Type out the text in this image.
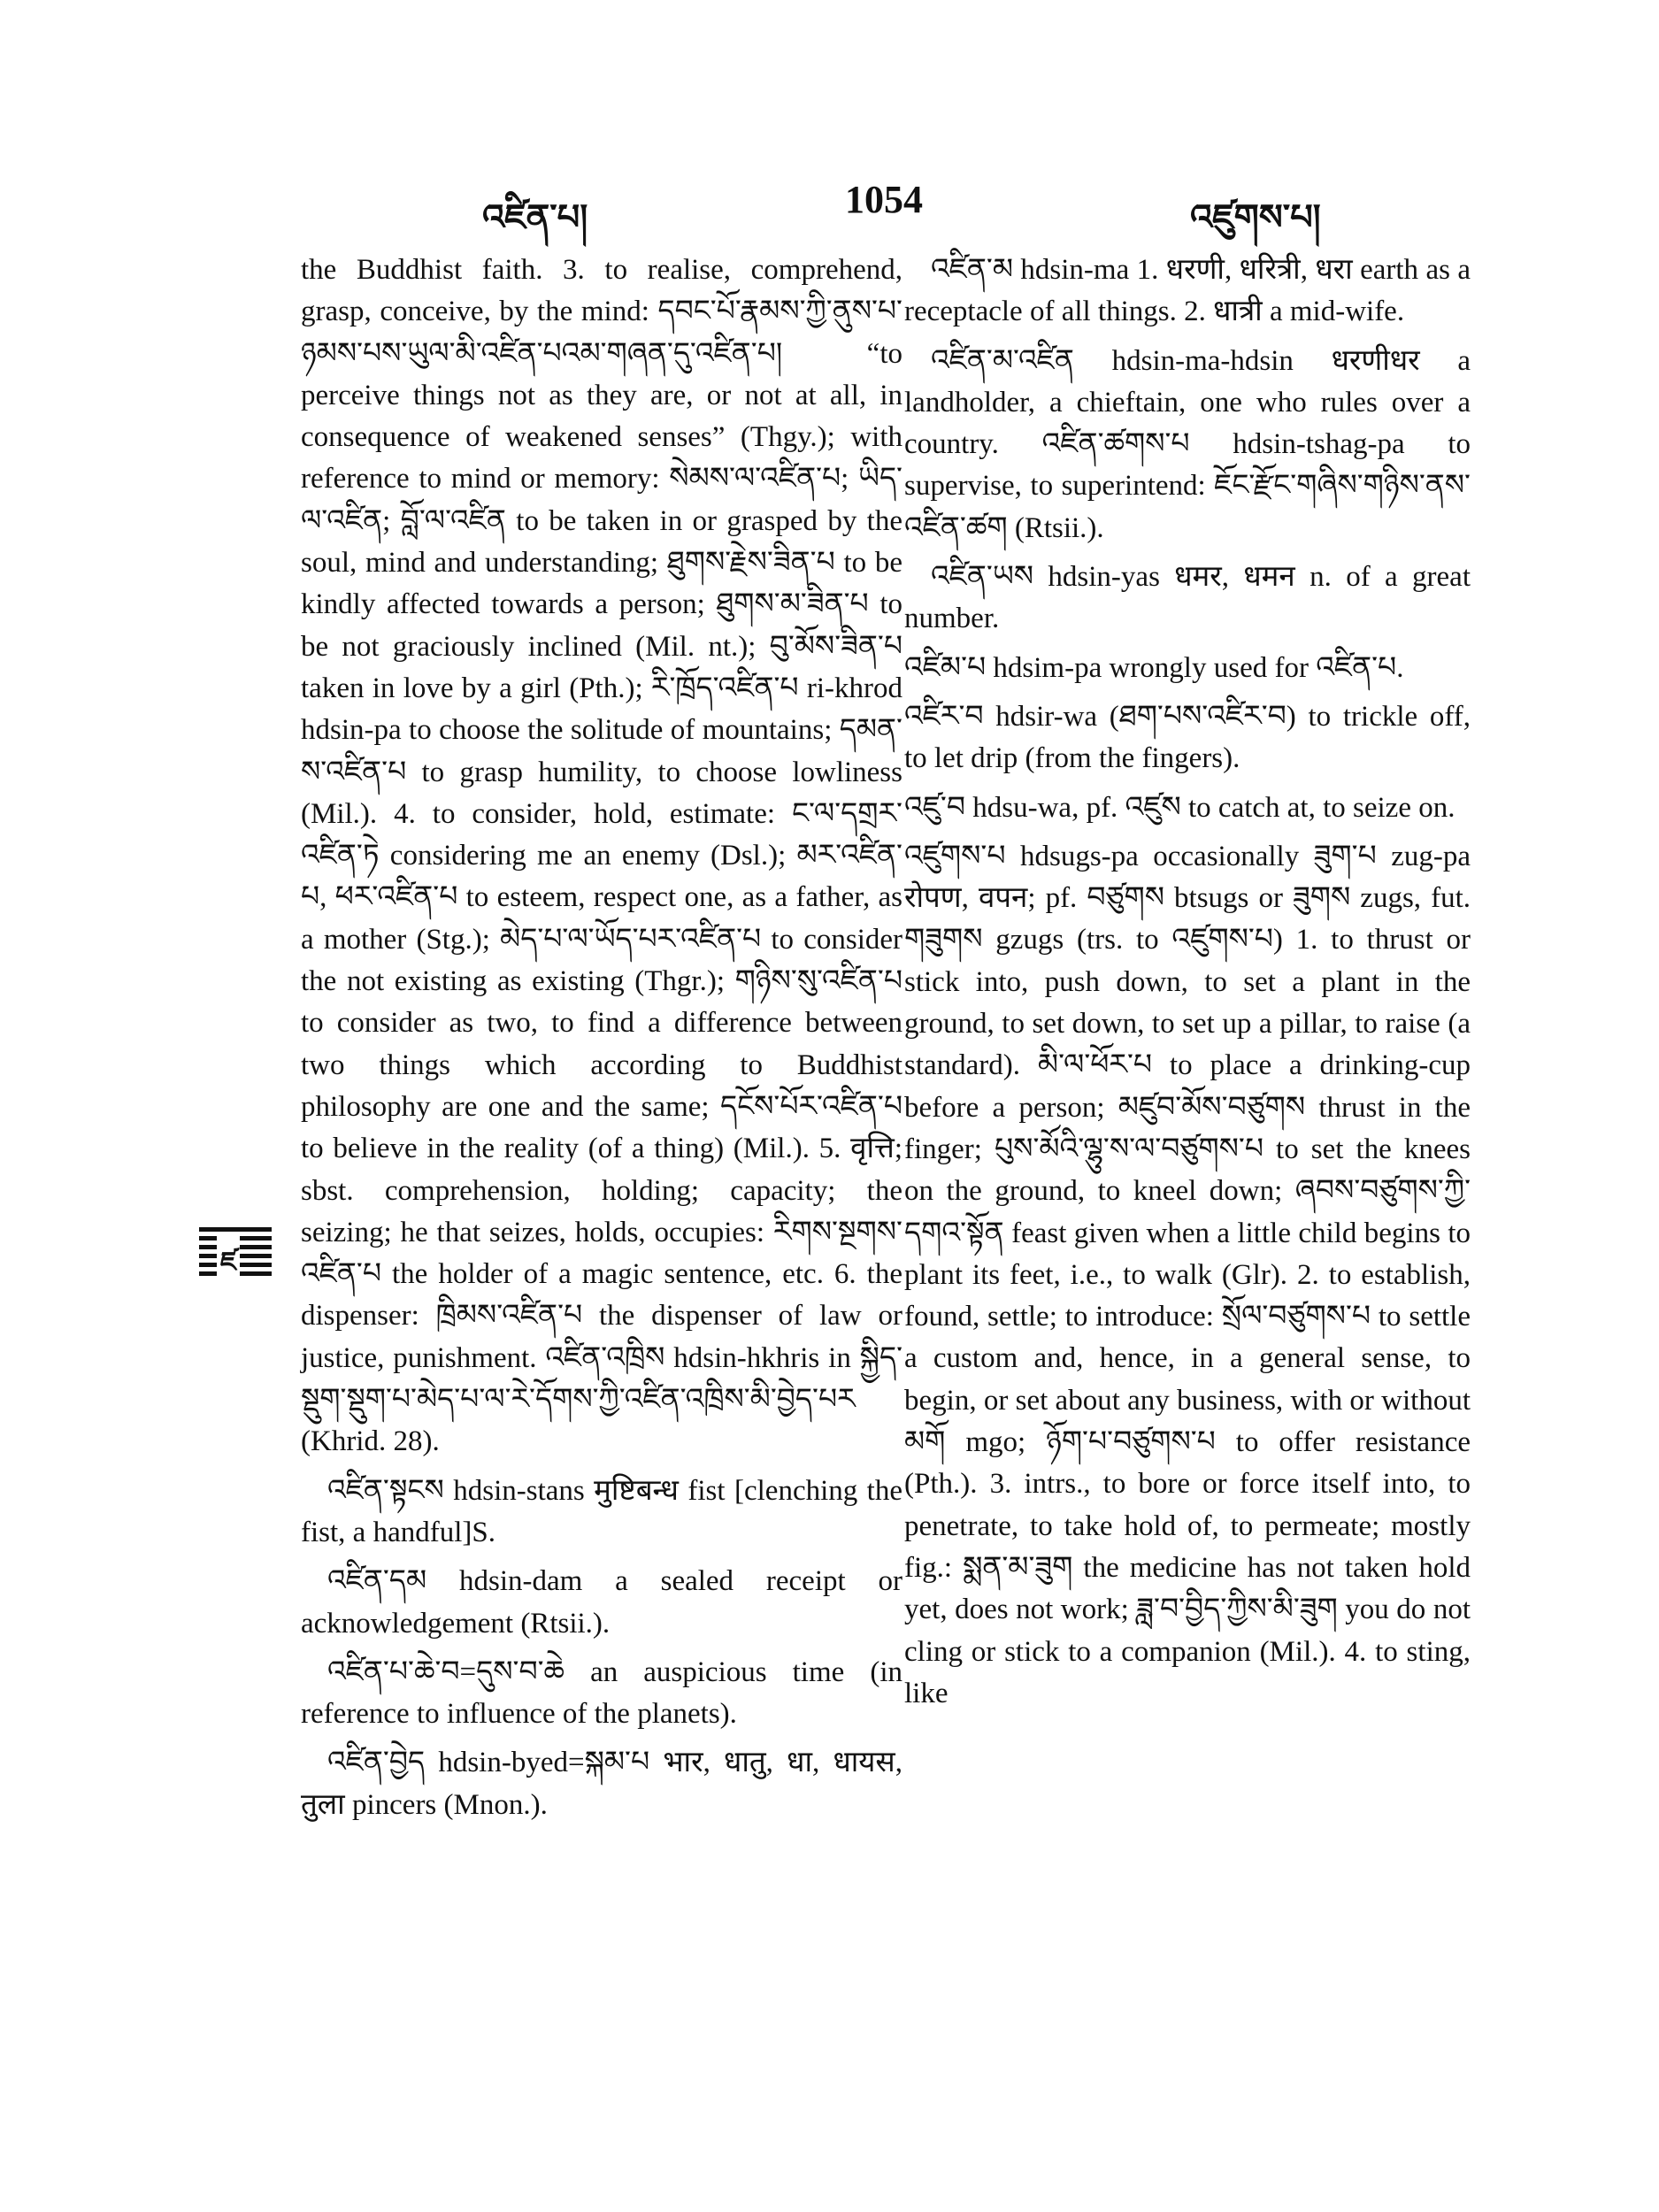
འཛིན་པ།	1054	འཛུགས་པ།
ཛ

the Buddhist faith. 3. to realise, comprehend, grasp, conceive, by the mind: དབང་པོ་རྣམས་ཀྱི་ནུས་པ་ཉམས་པས་ཡུལ་མི་འཛིན་པའམ་གཞན་དུ་འཛིན་པ། “to perceive things not as they are, or not at all, in consequence of weakened senses” (Thgy.); with reference to mind or memory: སེམས་ལ་འཛིན་པ; ཡིད་ལ་འཛིན; བློ་ལ་འཛིན to be taken in or grasped by the soul, mind and understanding; ཐུགས་རྗེས་ཟིན་པ to be kindly affected towards a person; ཐུགས་མ་ཟིན་པ to be not graciously inclined (Mil. nt.); བུ་མོས་ཟིན་པ taken in love by a girl (Pth.); རི་ཁྲོད་འཛིན་པ ri-khrod hdsin-pa to choose the solitude of mountains; དམན་ས་འཛིན་པ to grasp humility, to choose lowliness (Mil.). 4. to consider, hold, estimate: ང་ལ་དགྲར་འཛིན་ཏེ considering me an enemy (Dsl.); མར་འཛིན་པ, ཕར་འཛིན་པ to esteem, respect one, as a father, as a mother (Stg.); མེད་པ་ལ་ཡོད་པར་འཛིན་པ to consider the not existing as existing (Thgr.); གཉིས་སུ་འཛིན་པ to consider as two, to find a difference between two things which according to Buddhist philosophy are one and the same; དངོས་པོར་འཛིན་པ to believe in the reality (of a thing) (Mil.). 5. वृत्ति; sbst. comprehension, holding; capacity; the seizing; he that seizes, holds, occupies: རིགས་སྔགས་འཛིན་པ the holder of a magic sentence, etc. 6. the dispenser: ཁྲིམས་འཛིན་པ the dispenser of law or justice, punishment. འཛིན་འཁྲིས hdsin-hkhris in སྐྱིད་སྡུག་སྡུག་པ་མེད་པ་ལ་རེ་དོགས་ཀྱི་འཛིན་འཁྲིས་མི་བྱེད་པར (Khrid. 28).

འཛིན་སྟངས hdsin-stans मुष्टिबन्ध fist [clenching the fist, a handful]S.

འཛིན་དམ hdsin-dam a sealed receipt or acknowledgement (Rtsii.).

འཛིན་པ་ཆེ་བ=དུས་བ་ཆེ an auspicious time (in reference to influence of the planets).

འཛིན་བྱེད hdsin-byed=སྐམ་པ भार, धातु, धा, धायस, तुला pincers (Mnon.).

འཛིན་མ hdsin-ma 1. धरणी, धरित्री, धरा earth as a receptacle of all things. 2. धात्री a mid-wife.

འཛིན་མ་འཛིན hdsin-ma-hdsin धरणीधर a landholder, a chieftain, one who rules over a country. འཛིན་ཚགས་པ hdsin-tshag-pa to supervise, to superintend: ཇོང་རྫོང་གཞིས་གཉིས་ནས་འཛིན་ཚག (Rtsii.).

འཛིན་ཡས hdsin-yas धमर, धमन n. of a great number.

འཛིམ་པ hdsim-pa wrongly used for འཛིན་པ.

འཛིར་བ hdsir-wa (ཐག་པས་འཛིར་བ) to trickle off, to let drip (from the fingers).

འཛུ་བ hdsu-wa, pf. འཛུས to catch at, to seize on.

འཛུགས་པ hdsugs-pa occasionally ཟུག་པ zug-pa रोपण, वपन; pf. བཙུགས btsugs or ཟུགས zugs, fut. གཟུགས gzugs (trs. to འཛུགས་པ) 1. to thrust or stick into, push down, to set a plant in the ground, to set down, to set up a pillar, to raise (a standard). མི་ལ་ཕོར་པ to place a drinking-cup before a person; མཛུབ་མོས་བཙུགས thrust in the finger; པུས་མོའི་ལྷུ་ས་ལ་བཙུགས་པ to set the knees on the ground, to kneel down; ཞབས་བཙུགས་ཀྱི་དགའ་སྟོན feast given when a little child begins to plant its feet, i.e., to walk (Glr). 2. to establish, found, settle; to introduce: སྲོལ་བཙུགས་པ to settle a custom and, hence, in a general sense, to begin, or set about any business, with or without མགོ mgo; ཉོག་པ་བཙུགས་པ to offer resistance (Pth.). 3. intrs., to bore or force itself into, to penetrate, to take hold of, to permeate; mostly fig.: སྨན་མ་ཟུག the medicine has not taken hold yet, does not work; ཟླ་བ་བྱིད་ཀྱིས་མི་ཟུག you do not cling or stick to a companion (Mil.). 4. to sting, like
